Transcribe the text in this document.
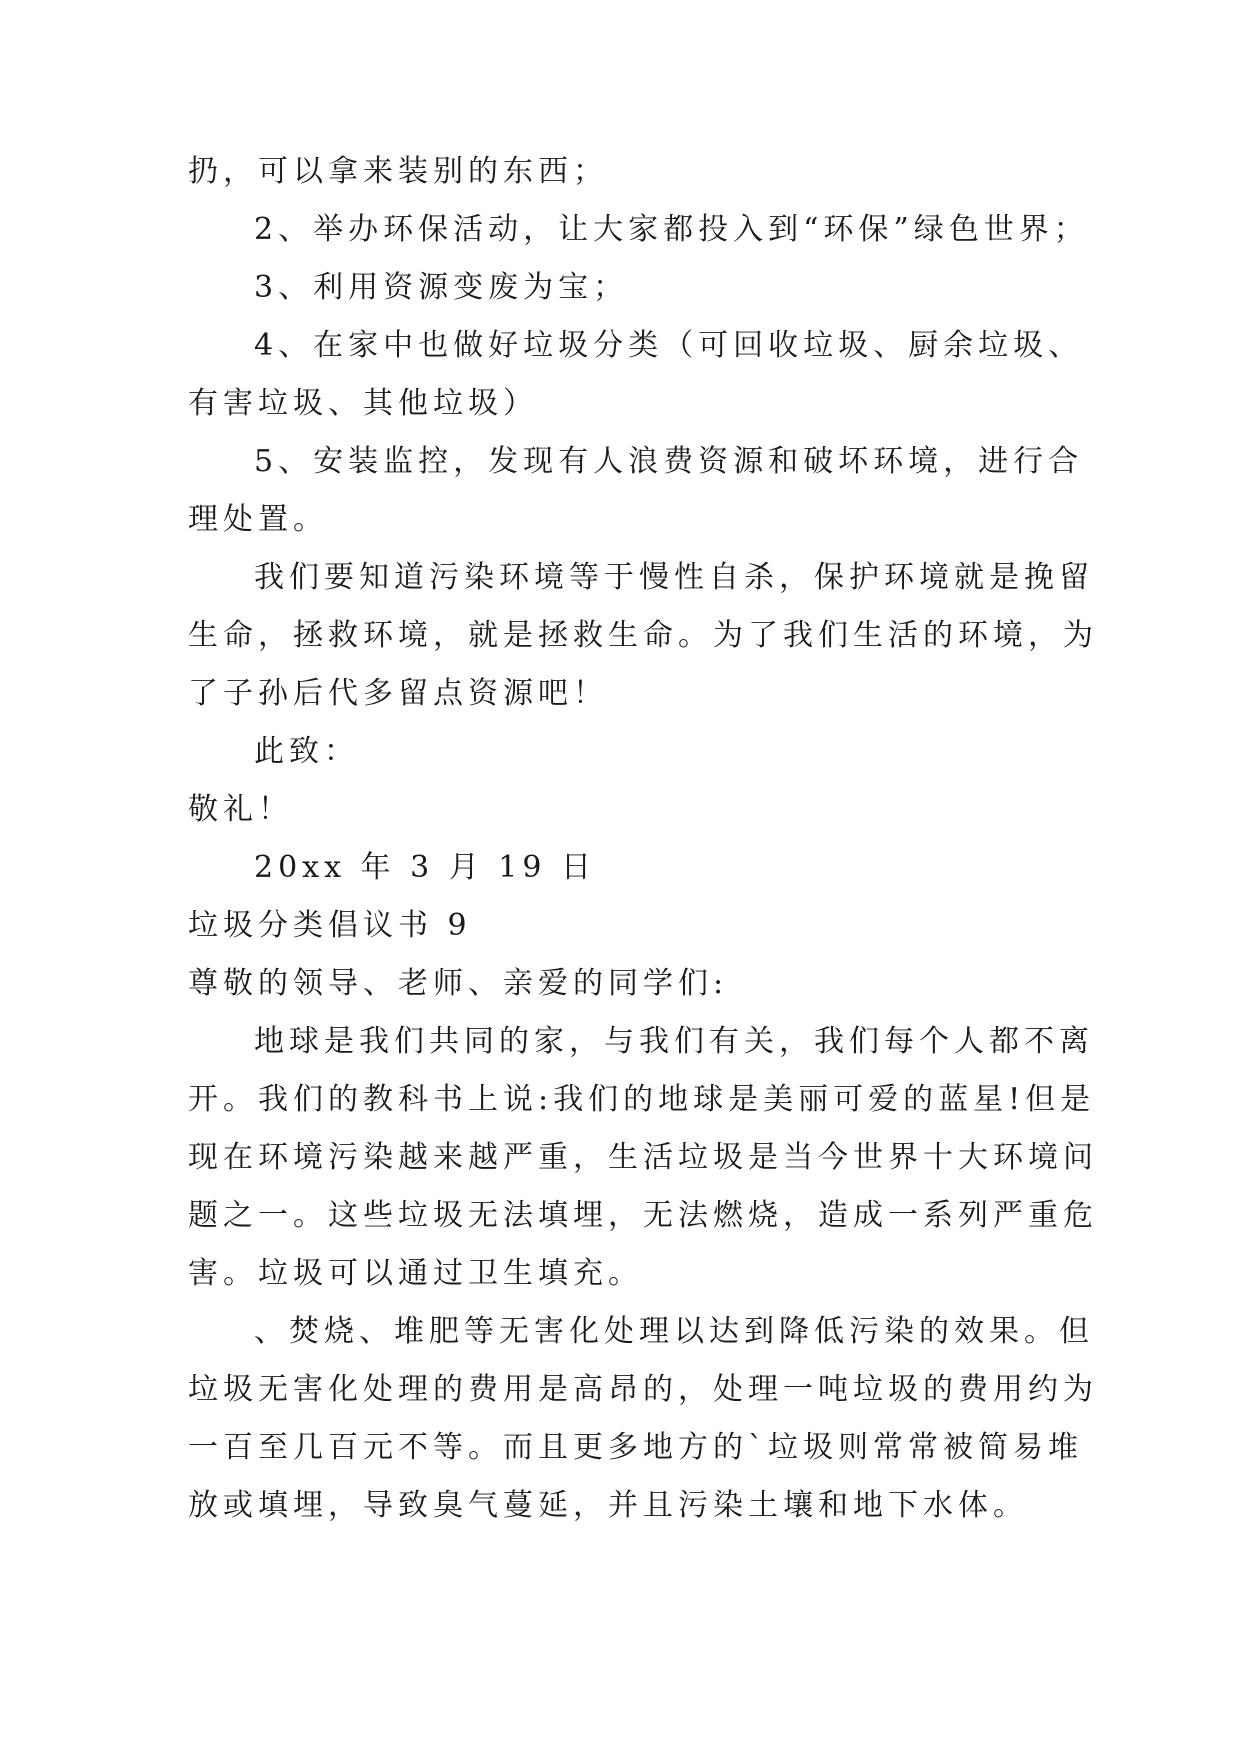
扔，可以拿来装别的东西；
2、举办环保活动，让大家都投入到“环保”绿色世界；
3、利用资源变废为宝；
4、在家中也做好垃圾分类（可回收垃圾、厨余垃圾、
有害垃圾、其他垃圾）
5、安装监控，发现有人浪费资源和破坏环境，进行合
理处置。
我们要知道污染环境等于慢性自杀，保护环境就是挽留
生命，拯救环境，就是拯救生命。为了我们生活的环境，为
了子孙后代多留点资源吧！
此致：
敬礼！
20xx 年 3 月 19 日
垃圾分类倡议书 9
尊敬的领导、老师、亲爱的同学们:
地球是我们共同的家，与我们有关，我们每个人都不离
开。我们的教科书上说:我们的地球是美丽可爱的蓝星!但是
现在环境污染越来越严重，生活垃圾是当今世界十大环境问
题之一。这些垃圾无法填埋，无法燃烧，造成一系列严重危
害。垃圾可以通过卫生填充。
、焚烧、堆肥等无害化处理以达到降低污染的效果。但
垃圾无害化处理的费用是高昂的，处理一吨垃圾的费用约为
一百至几百元不等。而且更多地方的`垃圾则常常被简易堆
放或填埋，导致臭气蔓延，并且污染土壤和地下水体。
